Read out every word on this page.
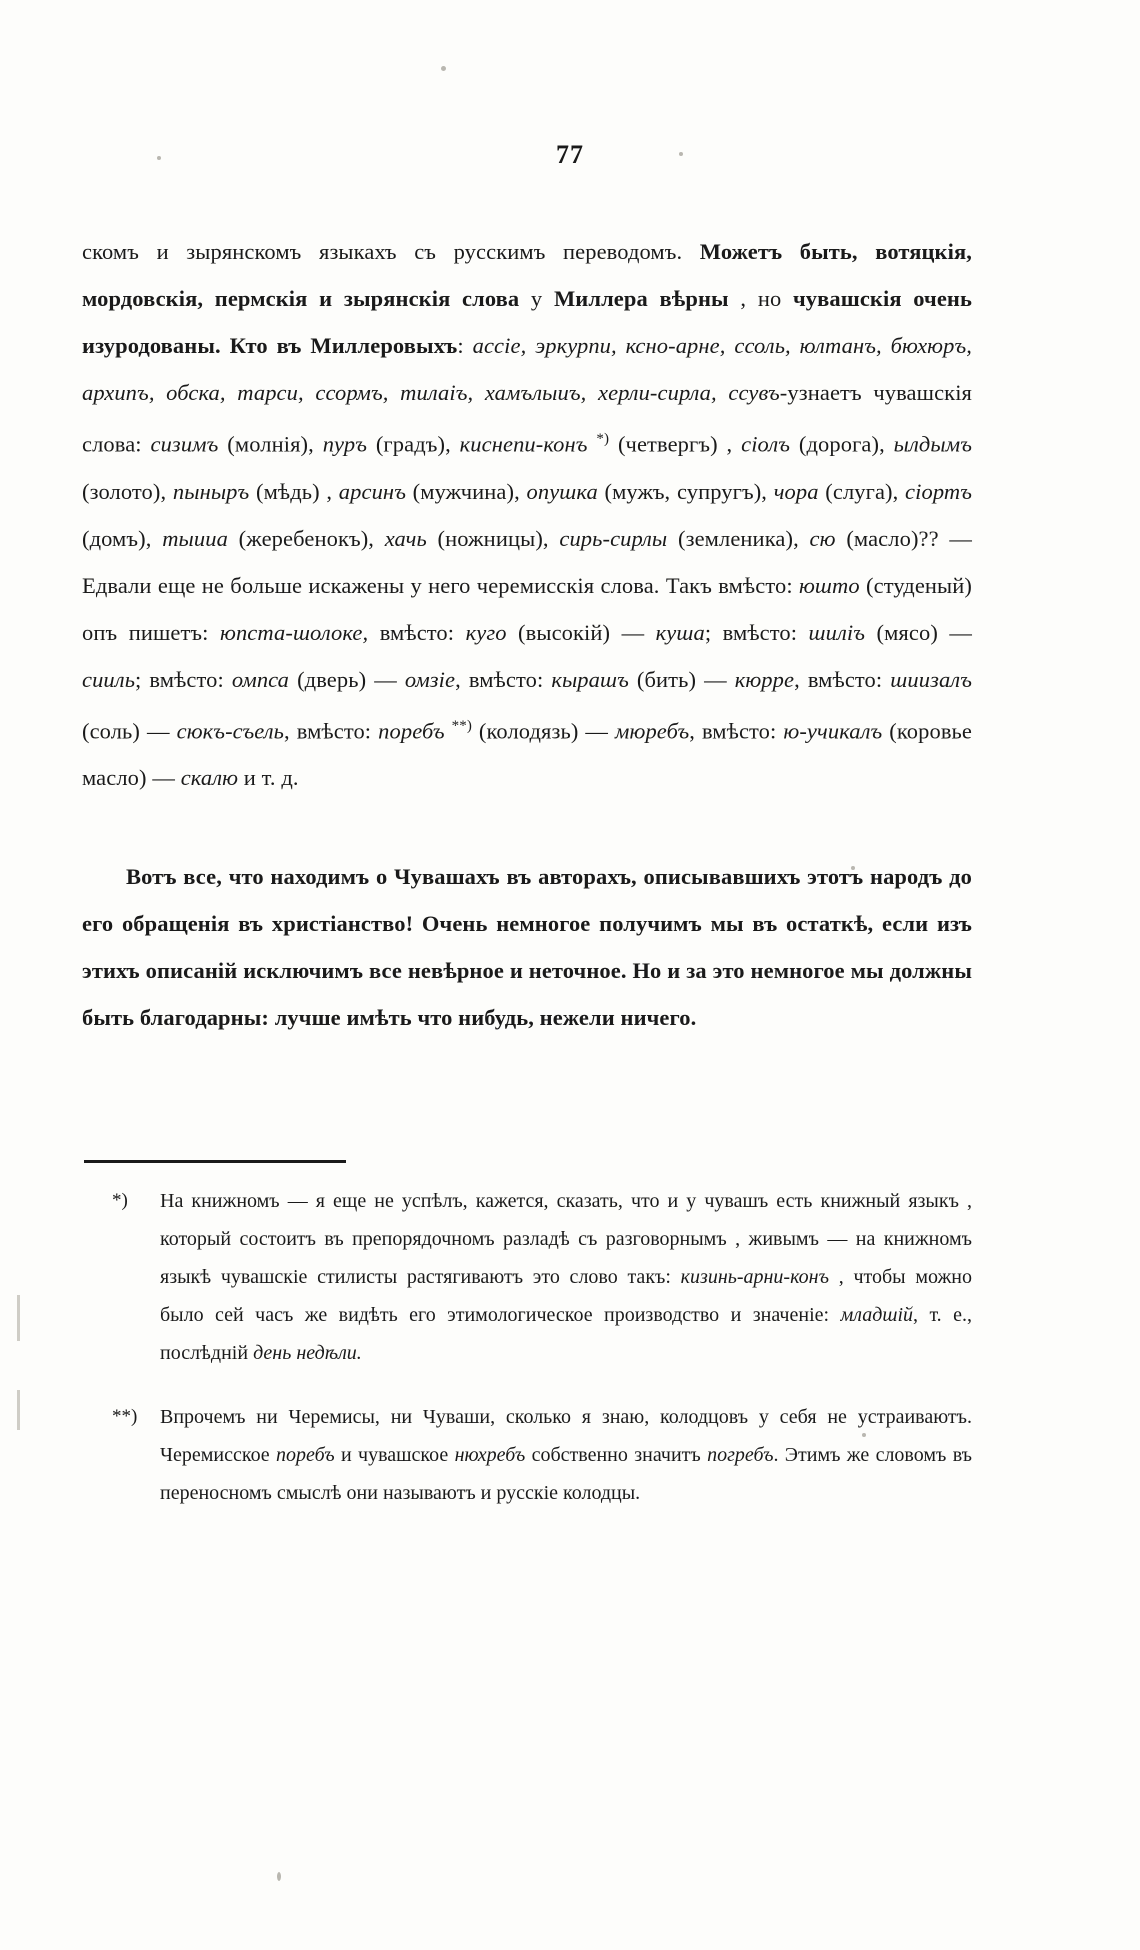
77

скомъ и зырянскомъ языкахъ съ русскимъ переводомъ. Можетъ быть, вотяцкія, мордовскія, пермскія и зырянскія слова у Миллера вѣрны , но чувашскія очень изуродованы. Кто въ Миллеровыхъ: acciе, эркурпи, ксно-арне, ссоль, юлтанъ, бюхюръ, архипъ, обска, тарси, ссормъ, тилаіъ, хамълыиъ, херли-сирла, ссувъ-узнаетъ чувашскія слова: сизимъ (молнія), пуръ (градъ), киснепи-конъ *) (четвергъ) , сіолъ (дорога), ылдымъ (золото), пыныръ (мѣдь) , арсинъ (мужчина), опушка (мужъ, супругъ), чора (слуга), сіортъ (домъ), тыииа (жеребенокъ), хачь (ножницы), сирь-сирлы (земленика), сю (масло)?? — Едвали еще не больше искажены у него черемисскія слова. Такъ вмѣсто: юшто (студеный) опъ пишетъ: юпста-шолоке, вмѣсто: куго (высокій) — куша; вмѣсто: шиліъ (мясо) — сииль; вмѣсто: омпса (дверь) — омзіе, вмѣсто: кырашъ (бить) — кюрре, вмѣсто: шиизалъ (соль) — сюкъ-съель, вмѣсто: поребъ **) (колодязь) — мюребъ, вмѣсто: ю-учикалъ (коровье масло) — скалю и т. д.

Вотъ все, что находимъ о Чувашахъ въ авторахъ, описывавшихъ этотъ народъ до его обращенія въ христіанство! Очень немногое получимъ мы въ остаткѣ, если изъ этихъ описаній исключимъ все невѣрное и неточное. Но и за это немногое мы должны быть благодарны: лучше имѣть что нибудь, нежели ничего.

*)	На книжномъ — я еще не успѣлъ, кажется, сказать, что и у чувашъ есть книжный языкъ , который состоитъ въ препорядочномъ разладѣ съ разговорнымъ , живымъ — на книжномъ языкѣ чувашскіе стилисты растягиваютъ это слово такъ: кизинь-арни-конъ , чтобы можно было сей часъ же видѣть его этимологическое производство и значеніе: младшій, т. е., послѣдній день недѣли.
**)	Впрочемъ ни Черемисы, ни Чуваши, сколько я знаю, колодцовъ у себя не устраиваютъ. Черемисское поребъ и чувашское нюхребъ собственно значитъ погребъ. Этимъ же словомъ въ переносномъ смыслѣ они называютъ и русскіе колодцы.
